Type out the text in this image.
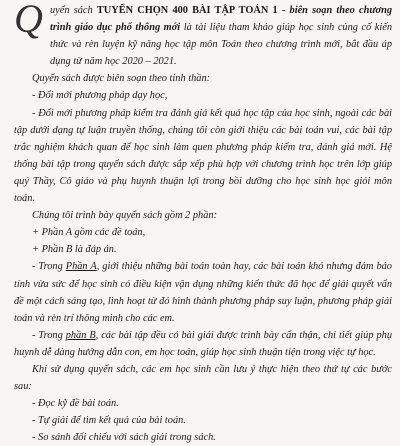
Q uyển sách TUYỂN CHỌN 400 BÀI TẬP TOÁN 1 - biên soạn theo chương trình giáo dục phổ thông mới là tài liệu tham khảo giúp học sinh củng cố kiến thức và rèn luyện kỹ năng học tập môn Toán theo chương trình mới, bắt đầu áp dụng từ năm học 2020 – 2021.

Quyển sách được biên soạn theo tinh thần:

- Đổi mới phương pháp dạy học,

- Đổi mới phương pháp kiểm tra đánh giá kết quả học tập của học sinh, ngoài các bài tập dưới dạng tự luận truyền thống, chúng tôi còn giới thiệu các bài toán vui, các bài tập trắc nghiệm khách quan để học sinh làm quen phương pháp kiểm tra, đánh giá mới. Hệ thống bài tập trong quyển sách được sắp xếp phù hợp với chương trình học trên lớp giúp quý Thầy, Cô giáo và phụ huynh thuận lợi trong bồi dưỡng cho học sinh học giỏi môn toán.

Chúng tôi trình bày quyển sách gồm 2 phần:

+ Phần A gồm các đề toán,

+ Phần B là đáp án.

- Trong Phần A, giới thiệu những bài toán toàn hay, các bài toán khó nhưng đảm bảo tính vừa sức để học sinh có điều kiện vận dụng những kiến thức đã học để giải quyết vấn đề một cách sáng tạo, linh hoạt từ đó hình thành phương pháp suy luận, phương pháp giải toán và rèn trí thông minh cho các em.

- Trong phần B, các bài tập đều có bài giải được trình bày cẩn thận, chi tiết giúp phụ huynh dễ dàng hướng dẫn con, em học toán, giúp học sinh thuận tiện trong việc tự học.

Khi sử dụng quyển sách, các em học sinh cần lưu ý thực hiện theo thứ tự các bước sau:

- Đọc kỹ đề bài toán.

- Tự giải để tìm kết quả của bài toán.

- So sánh đối chiếu với sách giải trong sách.
